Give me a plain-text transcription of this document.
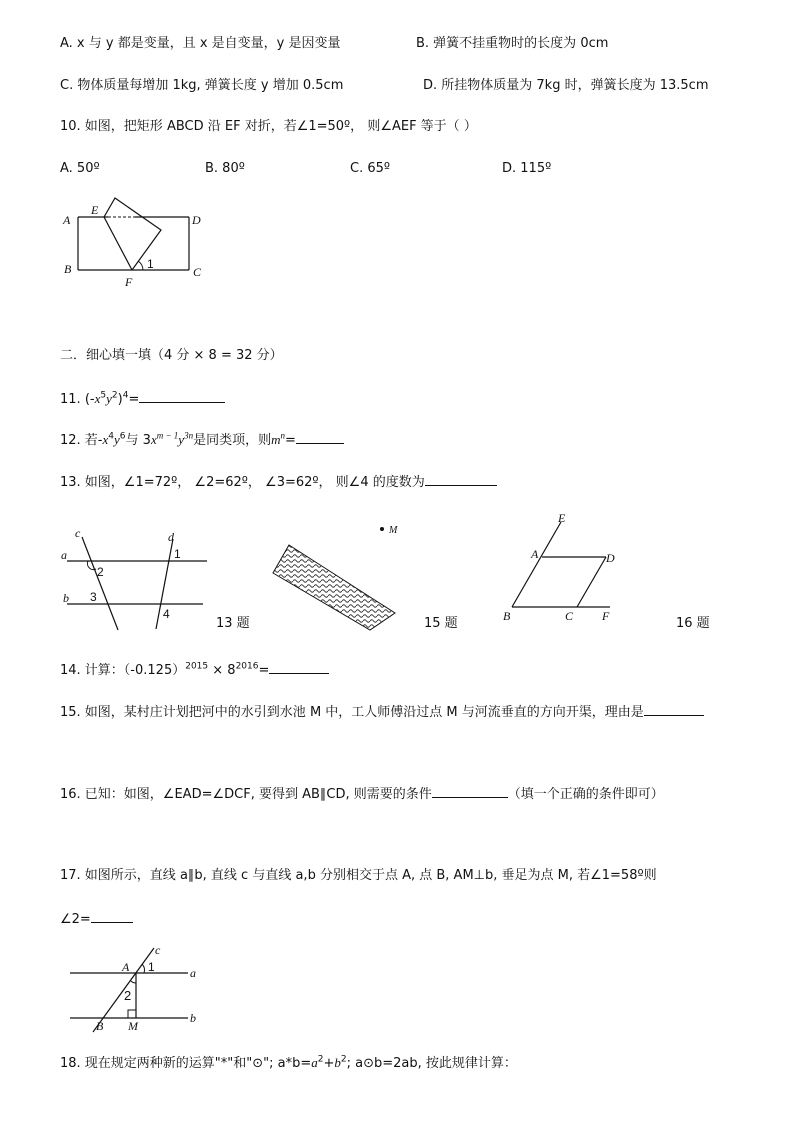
A. x 与 y 都是变量，且 x 是自变量，y 是因变量	B. 弹簧不挂重物时的长度为 0cm
C. 物体质量每增加 1kg, 弹簧长度 y 增加 0.5cm	D. 所挂物体质量为 7kg 时，弹簧长度为 13.5cm
10. 如图，把矩形 ABCD 沿 EF 对折，若∠1=50º， 则∠AEF 等于（ ）
A. 50º	B. 80º	C. 65º	D. 115º
A
E
D
B
F
C
1
二．细心填一填（4 分 × 8 = 32 分）
11. $(-x^5y^2)^4=$
12. 若$-x^4y^6$与 $3x^{m - 1}y^{3n}$是同类项，则$m^n=$
13. 如图，∠1=72º， ∠2=62º， ∠3=62º， 则∠4 的度数为
a
b
c	d
1
2
3
4
13 题
M
15 题
E
A	D
B	C F	16 题
14. 计算：$(-0.125)^{2015} \times 8^{2016}=$
15. 如图，某村庄计划把河中的水引到水池 M 中，工人师傅沿过点 M 与河流垂直的方向开渠，理由是
16. 已知：如图，∠EAD=∠DCF, 要得到 AB∥CD, 则需要的条件	（填一个正确的条件即可）
17. 如图所示，直线 a∥b, 直线 c 与直线 a,b 分别相交于点 A, 点 B, AM⊥b, 垂足为点 M, 若∠1=58º则
∠2=
c
A 1	a
2
B M
b
18. 现在规定两种新的运算"*"和"⊙"; $a*b=a^2+b^2$; a⊙b=2ab, 按此规律计算：
